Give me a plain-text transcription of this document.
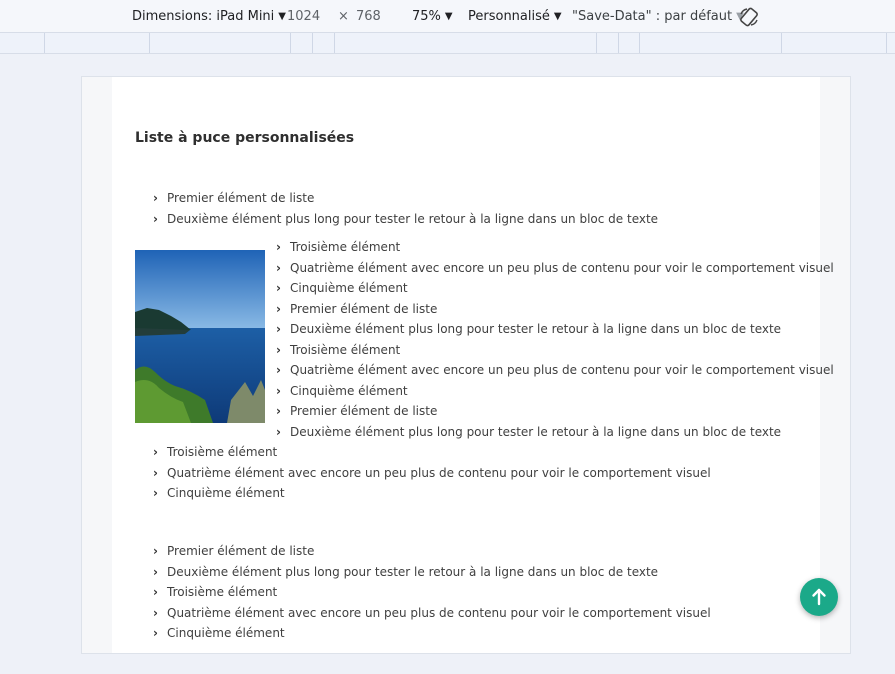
Dimensions: iPad Mini ▼ 1024 × 768 75% ▼ Personnalisé ▼ "Save-Data" : par défaut ▼
Liste à puce personnalisées
› Premier élément de liste
› Deuxième élément plus long pour tester le retour à la ligne dans un bloc de texte
› Troisième élément
› Quatrième élément avec encore un peu plus de contenu pour voir le comportement visuel
› Cinquième élément
› Premier élément de liste
› Deuxième élément plus long pour tester le retour à la ligne dans un bloc de texte
› Troisième élément
› Quatrième élément avec encore un peu plus de contenu pour voir le comportement visuel
› Cinquième élément
› Premier élément de liste
› Deuxième élément plus long pour tester le retour à la ligne dans un bloc de texte
› Troisième élément
› Quatrième élément avec encore un peu plus de contenu pour voir le comportement visuel
› Cinquième élément
› Premier élément de liste
› Deuxième élément plus long pour tester le retour à la ligne dans un bloc de texte
› Troisième élément
› Quatrième élément avec encore un peu plus de contenu pour voir le comportement visuel
› Cinquième élément
